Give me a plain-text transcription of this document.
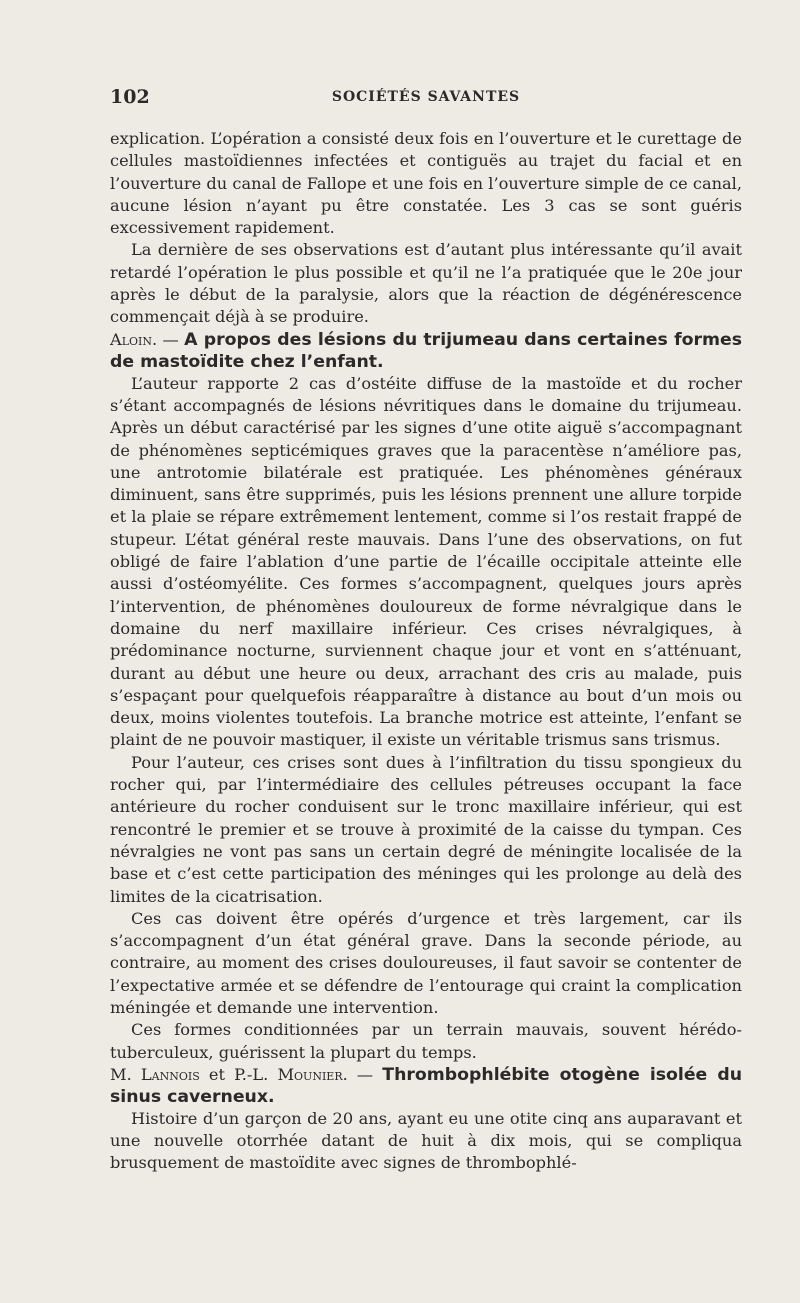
102	SOCIÉTÉS SAVANTES

explication. L’opération a consisté deux fois en l’ouverture et le curettage de cellules mastoïdiennes infectées et contiguës au trajet du facial et en l’ouverture du canal de Fallope et une fois en l’ouverture simple de ce canal, aucune lésion n’ayant pu être constatée. Les 3 cas se sont guéris excessivement rapidement.

La dernière de ses observations est d’autant plus intéressante qu’il avait retardé l’opération le plus possible et qu’il ne l’a pratiquée que le 20e jour après le début de la paralysie, alors que la réaction de dégénérescence commençait déjà à se produire.

Aloin. — A propos des lésions du trijumeau dans certaines formes de mastoïdite chez l’enfant.

L’auteur rapporte 2 cas d’ostéite diffuse de la mastoïde et du rocher s’étant accompagnés de lésions névritiques dans le domaine du trijumeau. Après un début caractérisé par les signes d’une otite aiguë s’accompagnant de phénomènes septicémiques graves que la paracentèse n’améliore pas, une antrotomie bilatérale est pratiquée. Les phénomènes généraux diminuent, sans être supprimés, puis les lésions prennent une allure torpide et la plaie se répare extrêmement lentement, comme si l’os restait frappé de stupeur. L’état général reste mauvais. Dans l’une des observations, on fut obligé de faire l’ablation d’une partie de l’écaille occipitale atteinte elle aussi d’ostéomyélite. Ces formes s’accompagnent, quelques jours après l’intervention, de phénomènes douloureux de forme névralgique dans le domaine du nerf maxillaire inférieur. Ces crises névralgiques, à prédominance nocturne, surviennent chaque jour et vont en s’atténuant, durant au début une heure ou deux, arrachant des cris au malade, puis s’espaçant pour quelquefois réapparaître à distance au bout d’un mois ou deux, moins violentes toutefois. La branche motrice est atteinte, l’enfant se plaint de ne pouvoir mastiquer, il existe un véritable trismus sans trismus.

Pour l’auteur, ces crises sont dues à l’infiltration du tissu spongieux du rocher qui, par l’intermédiaire des cellules pétreuses occupant la face antérieure du rocher conduisent sur le tronc maxillaire inférieur, qui est rencontré le premier et se trouve à proximité de la caisse du tympan. Ces névralgies ne vont pas sans un certain degré de méningite localisée de la base et c’est cette participation des méninges qui les prolonge au delà des limites de la cicatrisation.

Ces cas doivent être opérés d’urgence et très largement, car ils s’accompagnent d’un état général grave. Dans la seconde période, au contraire, au moment des crises douloureuses, il faut savoir se contenter de l’expectative armée et se défendre de l’entourage qui craint la complication méningée et demande une intervention.

Ces formes conditionnées par un terrain mauvais, souvent hérédo-tuberculeux, guérissent la plupart du temps.

M. Lannois et P.-L. Mounier. — Thrombophlébite otogène isolée du sinus caverneux.

Histoire d’un garçon de 20 ans, ayant eu une otite cinq ans auparavant et une nouvelle otorrhée datant de huit à dix mois, qui se compliqua brusquement de mastoïdite avec signes de thrombophlé-
